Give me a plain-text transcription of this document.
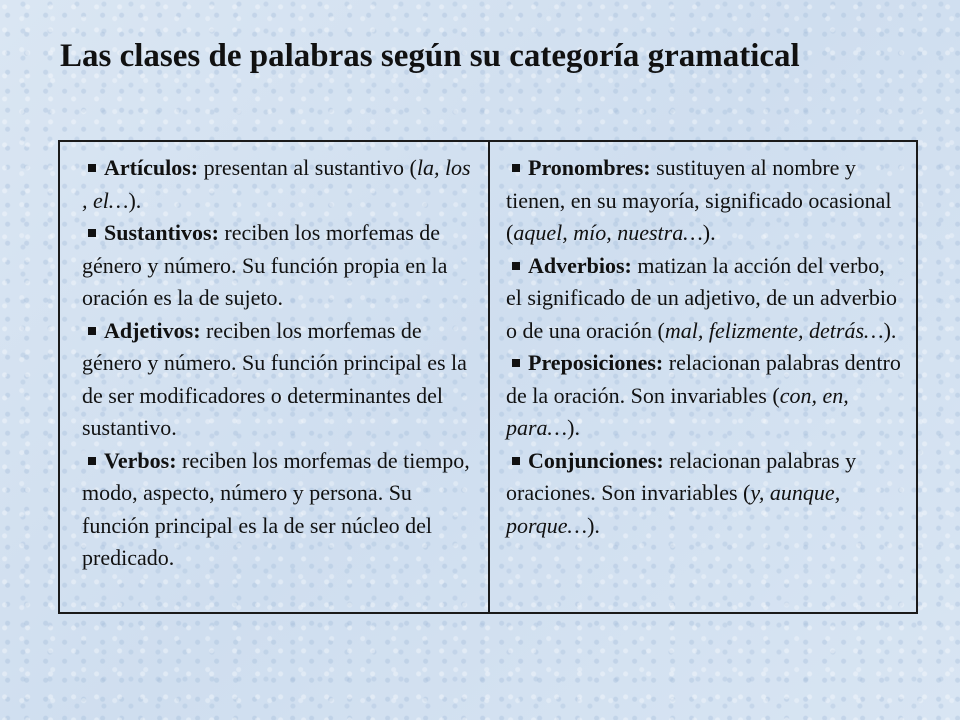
Las clases de palabras según su categoría gramatical

Artículos: presentan al sustantivo (la, los , el…).

Sustantivos: reciben los morfemas de género y número. Su función propia en la oración es la de sujeto.

Adjetivos: reciben los morfemas de género y número. Su función principal es la de ser modificadores o determinantes del sustantivo.

Verbos: reciben los morfemas de tiempo, modo, aspecto, número y persona. Su función principal es la de ser núcleo del predicado.

Pronombres: sustituyen al nombre y tienen, en su mayoría, significado ocasional (aquel, mío, nuestra…).

Adverbios: matizan la acción del verbo, el significado de un adjetivo, de un adverbio o de una oración (mal, felizmente, detrás…).

Preposiciones: relacionan palabras dentro de la oración. Son invariables (con, en, para…).

Conjunciones: relacionan palabras y oraciones. Son invariables (y, aunque, porque…).
